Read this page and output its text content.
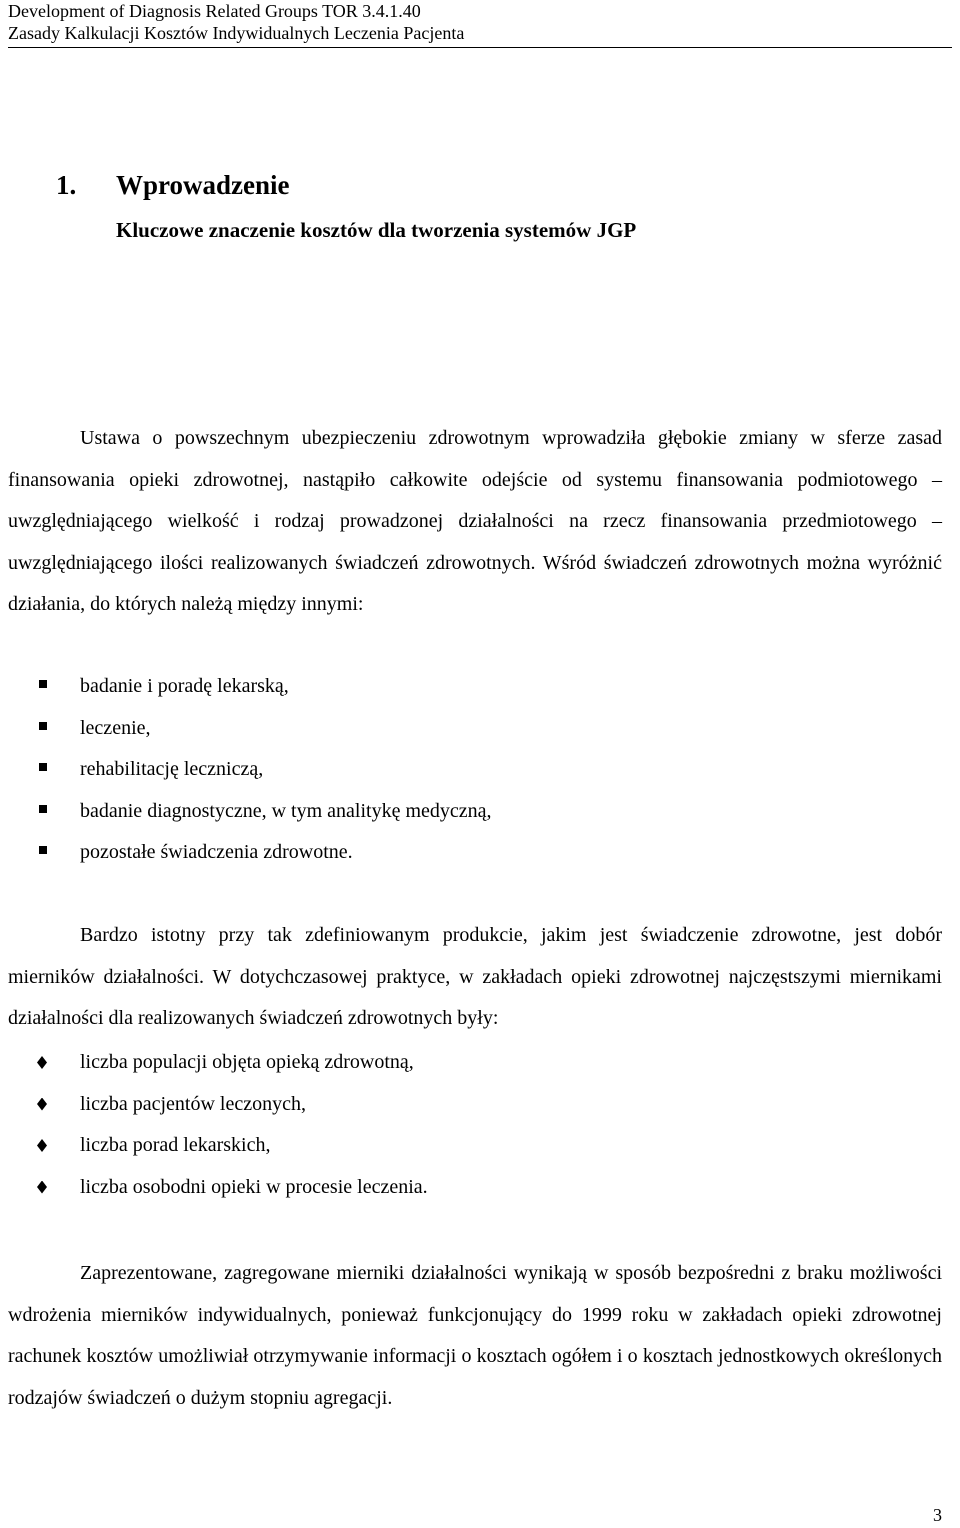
Development of Diagnosis Related Groups TOR 3.4.1.40
Zasady Kalkulacji Kosztów Indywidualnych Leczenia Pacjenta
1. Wprowadzenie
Kluczowe znaczenie kosztów dla tworzenia systemów JGP

Ustawa o powszechnym ubezpieczeniu zdrowotnym wprowadziła głębokie zmiany w sferze zasad finansowania opieki zdrowotnej, nastąpiło całkowite odejście od systemu finansowania podmiotowego – uwzględniającego wielkość i rodzaj prowadzonej działalności na rzecz finansowania przedmiotowego – uwzględniającego ilości realizowanych świadczeń zdrowotnych. Wśród świadczeń zdrowotnych można wyróżnić działania, do których należą między innymi:

badanie i poradę lekarską,
leczenie,
rehabilitację leczniczą,
badanie diagnostyczne, w tym analitykę medyczną,
pozostałe świadczenia zdrowotne.

Bardzo istotny przy tak zdefiniowanym produkcie, jakim jest świadczenie zdrowotne, jest dobór mierników działalności. W dotychczasowej praktyce, w zakładach opieki zdrowotnej najczęstszymi miernikami działalności dla realizowanych świadczeń zdrowotnych były:

liczba populacji objęta opieką zdrowotną,
liczba pacjentów leczonych,
liczba porad lekarskich,
liczba osobodni opieki w procesie leczenia.

Zaprezentowane, zagregowane mierniki działalności wynikają w sposób bezpośredni z braku możliwości wdrożenia mierników indywidualnych, ponieważ funkcjonujący do 1999 roku w zakładach opieki zdrowotnej rachunek kosztów umożliwiał otrzymywanie informacji o kosztach ogółem i o kosztach jednostkowych określonych rodzajów świadczeń o dużym stopniu agregacji.

3
